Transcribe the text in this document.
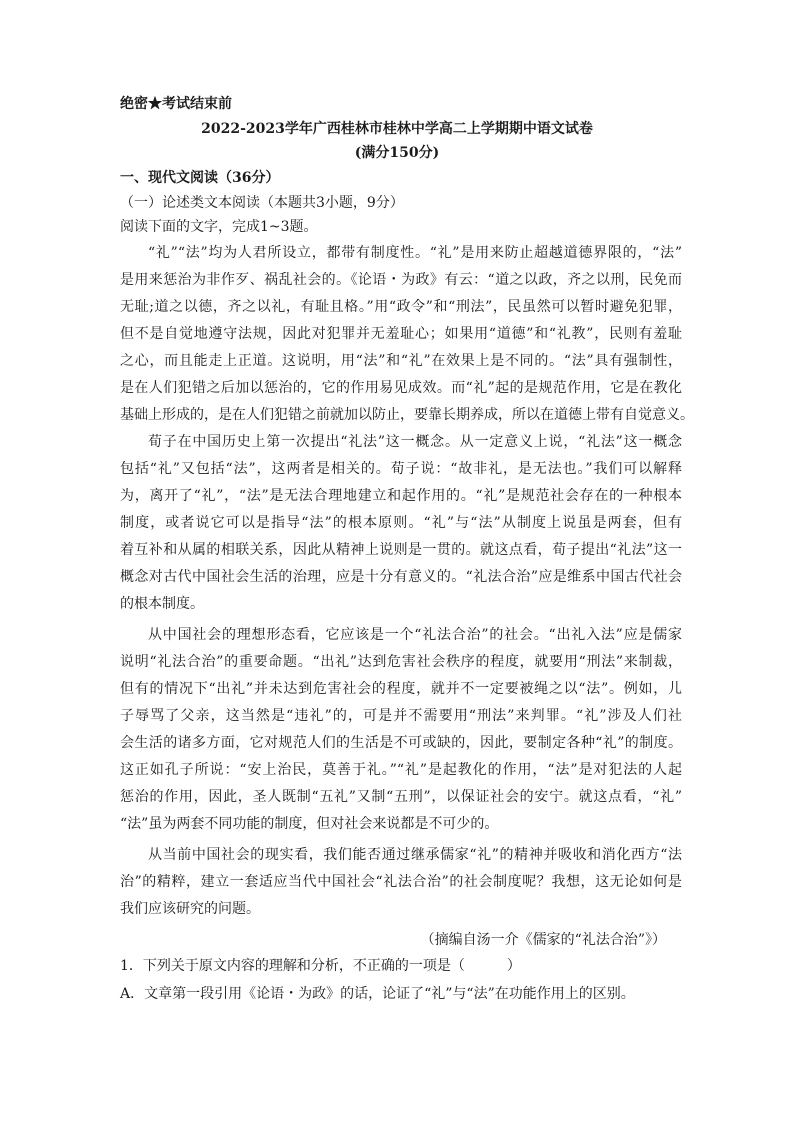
绝密★考试结束前
2022-2023学年广西桂林市桂林中学高二上学期期中语文试卷
(满分150分)
一、现代文阅读（36分）
（一）论述类文本阅读（本题共3小题，9分）
阅读下面的文字，完成1~3题。
“礼”“法”均为人君所设立，都带有制度性。“礼”是用来防止超越道德界限的，“法”
是用来惩治为非作歹、祸乱社会的。《论语・为政》有云：“道之以政，齐之以刑，民免而
无耻;道之以德，齐之以礼，有耻且格。”用“政令”和“刑法”，民虽然可以暂时避免犯罪，
但不是自觉地遵守法规，因此对犯罪并无羞耻心；如果用“道德”和“礼教”，民则有羞耻
之心，而且能走上正道。这说明，用“法”和“礼”在效果上是不同的。“法”具有强制性，
是在人们犯错之后加以惩治的，它的作用易见成效。而“礼”起的是规范作用，它是在教化
基础上形成的，是在人们犯错之前就加以防止，要靠长期养成，所以在道德上带有自觉意义。
荀子在中国历史上第一次提出“礼法”这一概念。从一定意义上说，“礼法”这一概念
包括“礼”又包括“法”，这两者是相关的。荀子说：“故非礼，是无法也。”我们可以解释
为，离开了“礼”，“法”是无法合理地建立和起作用的。“礼”是规范社会存在的一种根本
制度，或者说它可以是指导“法”的根本原则。“礼”与“法”从制度上说虽是两套，但有
着互补和从属的相联关系，因此从精神上说则是一贯的。就这点看，荀子提出“礼法”这一
概念对古代中国社会生活的治理，应是十分有意义的。“礼法合治”应是维系中国古代社会
的根本制度。
从中国社会的理想形态看，它应该是一个“礼法合治”的社会。“出礼入法”应是儒家
说明“礼法合治”的重要命题。“出礼”达到危害社会秩序的程度，就要用“刑法”来制裁，
但有的情况下“出礼”并未达到危害社会的程度，就并不一定要被绳之以“法”。例如，儿
子辱骂了父亲，这当然是“违礼”的，可是并不需要用“刑法”来判罪。“礼”涉及人们社
会生活的诸多方面，它对规范人们的生活是不可或缺的，因此，要制定各种“礼”的制度。
这正如孔子所说：“安上治民，莫善于礼。”“礼”是起教化的作用，“法”是对犯法的人起
惩治的作用，因此，圣人既制“五礼”又制“五刑”，以保证社会的安宁。就这点看，“礼”
“法”虽为两套不同功能的制度，但对社会来说都是不可少的。
从当前中国社会的现实看，我们能否通过继承儒家“礼”的精神并吸收和消化西方“法
治”的精粹，建立一套适应当代中国社会“礼法合治”的社会制度呢？我想，这无论如何是
我们应该研究的问题。
（摘编自汤一介《儒家的“礼法合治”》）
1．下列关于原文内容的理解和分析，不正确的一项是（　　　）
A．文章第一段引用《论语・为政》的话，论证了“礼”与“法”在功能作用上的区别。
